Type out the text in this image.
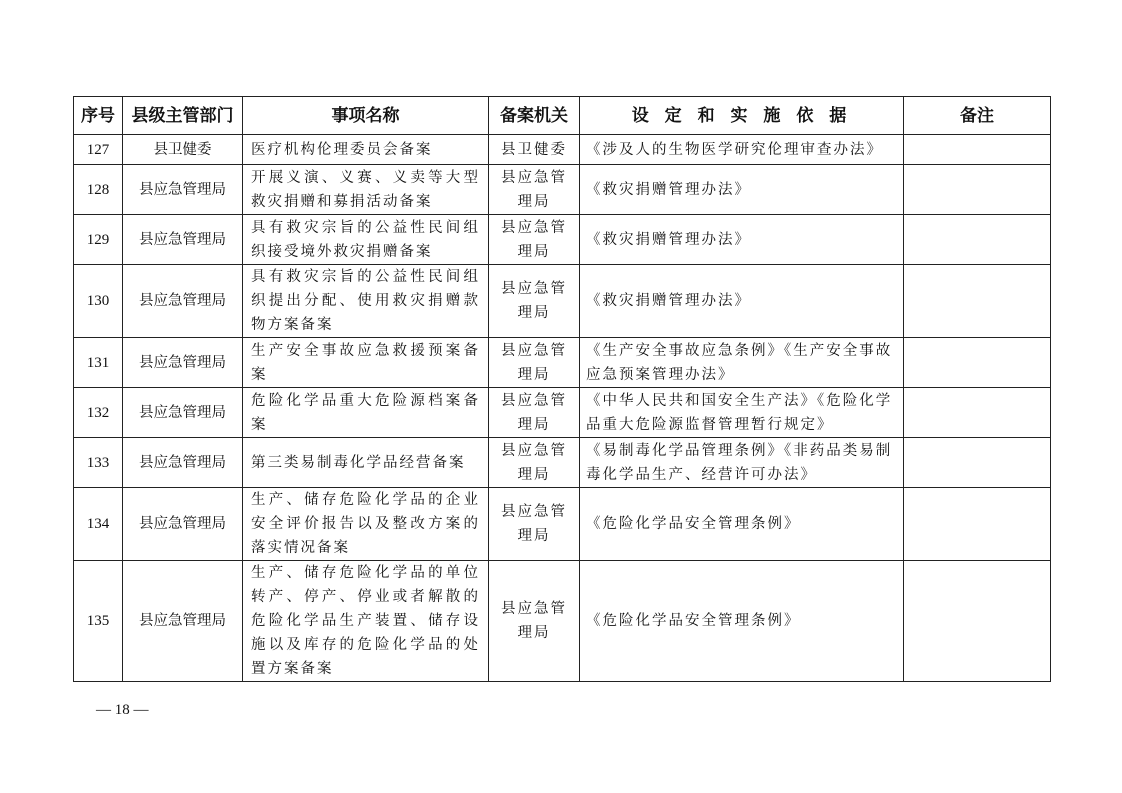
序号	县级主管部门	事项名称	备案机关	设 定 和 实 施 依 据	备注
127	县卫健委	医疗机构伦理委员会备案	县卫健委	《涉及人的生物医学研究伦理审查办法》	
128	县应急管理局	开展义演、义赛、义卖等大型救灾捐赠和募捐活动备案	县应急管理局	《救灾捐赠管理办法》	
129	县应急管理局	具有救灾宗旨的公益性民间组织接受境外救灾捐赠备案	县应急管理局	《救灾捐赠管理办法》	
130	县应急管理局	具有救灾宗旨的公益性民间组织提出分配、使用救灾捐赠款物方案备案	县应急管理局	《救灾捐赠管理办法》	
131	县应急管理局	生产安全事故应急救援预案备案	县应急管理局	《生产安全事故应急条例》《生产安全事故应急预案管理办法》	
132	县应急管理局	危险化学品重大危险源档案备案	县应急管理局	《中华人民共和国安全生产法》《危险化学品重大危险源监督管理暂行规定》	
133	县应急管理局	第三类易制毒化学品经营备案	县应急管理局	《易制毒化学品管理条例》《非药品类易制毒化学品生产、经营许可办法》	
134	县应急管理局	生产、储存危险化学品的企业安全评价报告以及整改方案的落实情况备案	县应急管理局	《危险化学品安全管理条例》	
135	县应急管理局	生产、储存危险化学品的单位转产、停产、停业或者解散的危险化学品生产装置、储存设施以及库存的危险化学品的处置方案备案	县应急管理局	《危险化学品安全管理条例》	
— 18 —
